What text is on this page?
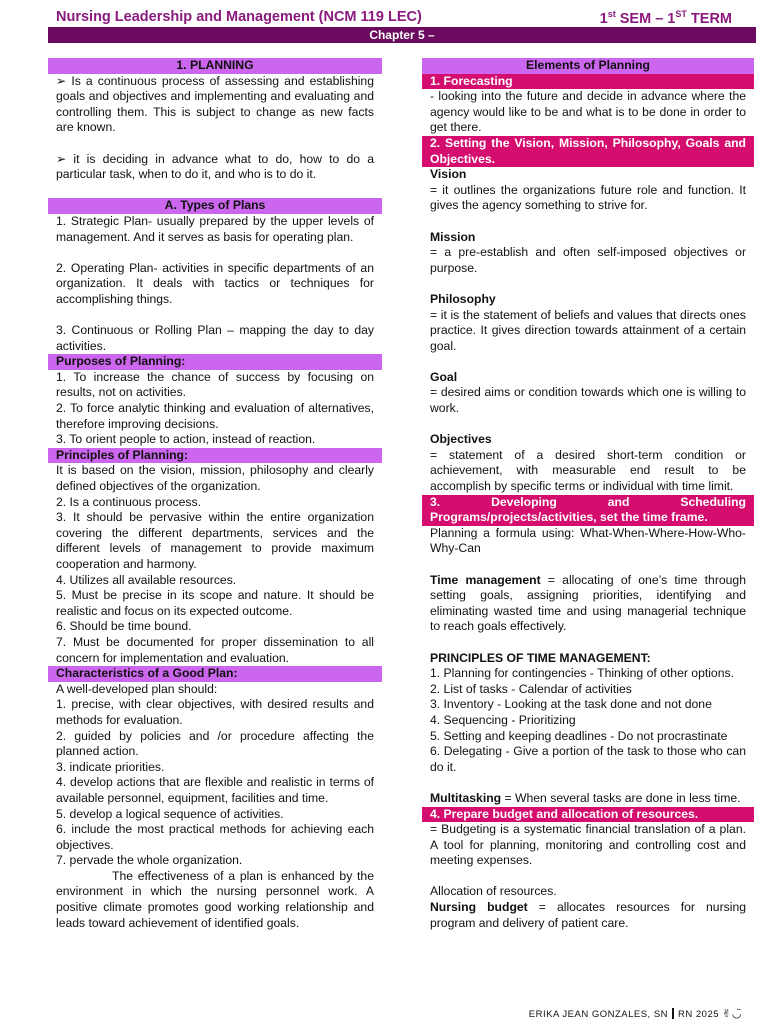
Nursing Leadership and Management (NCM 119 LEC)	1st SEM – 1ST TERM
Chapter 5 –
1. PLANNING

➢ Is a continuous process of assessing and establishing goals and objectives and implementing and evaluating and controlling them. This is subject to change as new facts are known.

➢ it is deciding in advance what to do, how to do a particular task, when to do it, and who is to do it.

A. Types of Plans

1. Strategic Plan- usually prepared by the upper levels of management. And it serves as basis for operating plan.

2. Operating Plan- activities in specific departments of an organization. It deals with tactics or techniques for accomplishing things.

3. Continuous or Rolling Plan – mapping the day to day activities.

Purposes of Planning:

1. To increase the chance of success by focusing on results, not on activities.

2. To force analytic thinking and evaluation of alternatives, therefore improving decisions.

3. To orient people to action, instead of reaction.

Principles of Planning:

It is based on the vision, mission, philosophy and clearly defined objectives of the organization.

2. Is a continuous process.

3. It should be pervasive within the entire organization covering the different departments, services and the different levels of management to provide maximum cooperation and harmony.

4. Utilizes all available resources.

5. Must be precise in its scope and nature. It should be realistic and focus on its expected outcome.

6. Should be time bound.

7. Must be documented for proper dissemination to all concern for implementation and evaluation.

Characteristics of a Good Plan:

A well-developed plan should:

1. precise, with clear objectives, with desired results and methods for evaluation.

2. guided by policies and /or procedure affecting the planned action.

3. indicate priorities.

4. develop actions that are flexible and realistic in terms of available personnel, equipment, facilities and time.

5. develop a logical sequence of activities.

6. include the most practical methods for achieving each objectives.

7. pervade the whole organization.

The effectiveness of a plan is enhanced by the environment in which the nursing personnel work. A positive climate promotes good working relationship and leads toward achievement of identified goals.

Elements of Planning
1. Forecasting

- looking into the future and decide in advance where the agency would like to be and what is to be done in order to get there.

2. Setting the Vision, Mission, Philosophy, Goals and Objectives.

Vision

= it outlines the organizations future role and function. It gives the agency something to strive for.

Mission

= a pre-establish and often self-imposed objectives or purpose.

Philosophy

= it is the statement of beliefs and values that directs ones practice. It gives direction towards attainment of a certain goal.

Goal

= desired aims or condition towards which one is willing to work.

Objectives

= statement of a desired short-term condition or achievement, with measurable end result to be accomplish by specific terms or individual with time limit.

3. Developing and Scheduling Programs/projects/activities, set the time frame.

Planning a formula using: What-When-Where-How-Who-Why-Can

Time management = allocating of one’s time through setting goals, assigning priorities, identifying and eliminating wasted time and using managerial technique to reach goals effectively.

PRINCIPLES OF TIME MANAGEMENT:

1. Planning for contingencies - Thinking of other options.

2. List of tasks - Calendar of activities

3. Inventory - Looking at the task done and not done

4. Sequencing - Prioritizing

5. Setting and keeping deadlines - Do not procrastinate

6. Delegating - Give a portion of the task to those who can do it.

Multitasking = When several tasks are done in less time.

4. Prepare budget and allocation of resources.

= Budgeting is a systematic financial translation of a plan. A tool for planning, monitoring and controlling cost and meeting expenses.

Allocation of resources.

Nursing budget = allocates resources for nursing program and delivery of patient care.

ERIKA JEAN GONZALES, SN RN 2025 ✌︎◡̈
